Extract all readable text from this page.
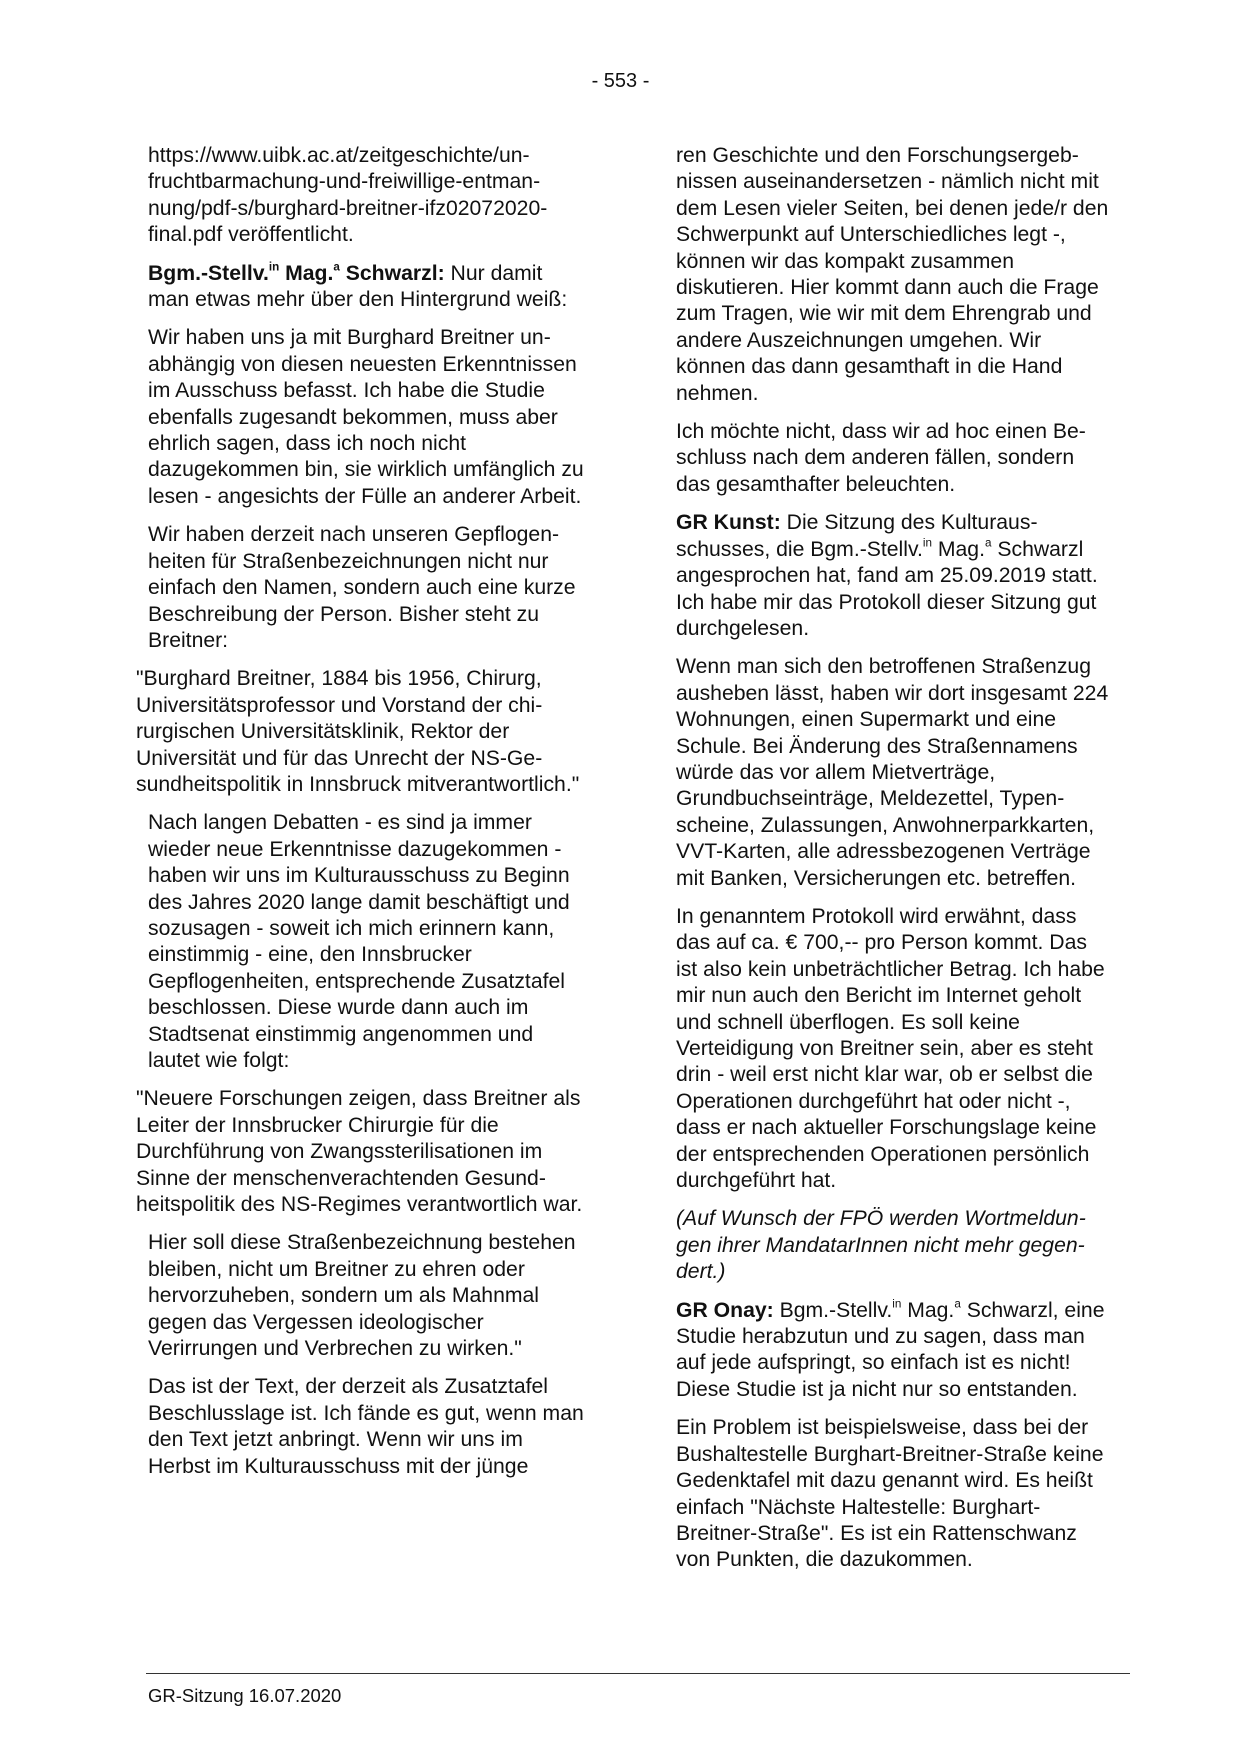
- 553 -

https://www.uibk.ac.at/zeitgeschichte/unfruchtbarmachung-und-freiwillige-entmannung/pdf-s/burghard-breitner-ifz02072020-final.pdf veröffentlicht.

Bgm.-Stellv.$^{in}$ Mag.$^a$ Schwarzl: Nur damit man etwas mehr über den Hintergrund weiß:

Wir haben uns ja mit Burghard Breitner unabhängig von diesen neuesten Erkenntnissen im Ausschuss befasst. Ich habe die Studie ebenfalls zugesandt bekommen, muss aber ehrlich sagen, dass ich noch nicht dazugekommen bin, sie wirklich umfänglich zu lesen - angesichts der Fülle an anderer Arbeit.

Wir haben derzeit nach unseren Gepflogenheiten für Straßenbezeichnungen nicht nur einfach den Namen, sondern auch eine kurze Beschreibung der Person. Bisher steht zu Breitner:

"Burghard Breitner, 1884 bis 1956, Chirurg, Universitätsprofessor und Vorstand der chirurgischen Universitätsklinik, Rektor der Universität und für das Unrecht der NS-Gesundheitspolitik in Innsbruck mitverantwortlich."

Nach langen Debatten - es sind ja immer wieder neue Erkenntnisse dazugekommen - haben wir uns im Kulturausschuss zu Beginn des Jahres 2020 lange damit beschäftigt und sozusagen - soweit ich mich erinnern kann, einstimmig - eine, den Innsbrucker Gepflogenheiten, entsprechende Zusatztafel beschlossen. Diese wurde dann auch im Stadtsenat einstimmig angenommen und lautet wie folgt:

"Neuere Forschungen zeigen, dass Breitner als Leiter der Innsbrucker Chirurgie für die Durchführung von Zwangssterilisationen im Sinne der menschenverachtenden Gesundheitspolitik des NS-Regimes verantwortlich war.

Hier soll diese Straßenbezeichnung bestehen bleiben, nicht um Breitner zu ehren oder hervorzuheben, sondern um als Mahnmal gegen das Vergessen ideologischer Verirrungen und Verbrechen zu wirken."

Das ist der Text, der derzeit als Zusatztafel Beschlusslage ist. Ich fände es gut, wenn man den Text jetzt anbringt. Wenn wir uns im Herbst im Kulturausschuss mit der jünge

ren Geschichte und den Forschungsergebnissen auseinandersetzen - nämlich nicht mit dem Lesen vieler Seiten, bei denen jede/r den Schwerpunkt auf Unterschiedliches legt -, können wir das kompakt zusammen diskutieren. Hier kommt dann auch die Frage zum Tragen, wie wir mit dem Ehrengrab und andere Auszeichnungen umgehen. Wir können das dann gesamthaft in die Hand nehmen.

Ich möchte nicht, dass wir ad hoc einen Beschluss nach dem anderen fällen, sondern das gesamthafter beleuchten.

GR Kunst: Die Sitzung des Kulturausschusses, die Bgm.-Stellv.$^{in}$ Mag.$^a$ Schwarzl angesprochen hat, fand am 25.09.2019 statt. Ich habe mir das Protokoll dieser Sitzung gut durchgelesen.

Wenn man sich den betroffenen Straßenzug ausheben lässt, haben wir dort insgesamt 224 Wohnungen, einen Supermarkt und eine Schule. Bei Änderung des Straßennamens würde das vor allem Mietverträge, Grundbuchseinträge, Meldezettel, Typenscheine, Zulassungen, Anwohnerparkkarten, VVT-Karten, alle adressbezogenen Verträge mit Banken, Versicherungen etc. betreffen.

In genanntem Protokoll wird erwähnt, dass das auf ca. € 700,-- pro Person kommt. Das ist also kein unbeträchtlicher Betrag. Ich habe mir nun auch den Bericht im Internet geholt und schnell überflogen. Es soll keine Verteidigung von Breitner sein, aber es steht drin - weil erst nicht klar war, ob er selbst die Operationen durchgeführt hat oder nicht -, dass er nach aktueller Forschungslage keine der entsprechenden Operationen persönlich durchgeführt hat.

(Auf Wunsch der FPÖ werden Wortmeldungen ihrer MandatarInnen nicht mehr gegendert.)

GR Onay: Bgm.-Stellv.$^{in}$ Mag.$^a$ Schwarzl, eine Studie herabzutun und zu sagen, dass man auf jede aufspringt, so einfach ist es nicht! Diese Studie ist ja nicht nur so entstanden.

Ein Problem ist beispielsweise, dass bei der Bushaltestelle Burghart-Breitner-Straße keine Gedenktafel mit dazu genannt wird. Es heißt einfach "Nächste Haltestelle: Burghart-Breitner-Straße". Es ist ein Rattenschwanz von Punkten, die dazukommen.

GR-Sitzung 16.07.2020
